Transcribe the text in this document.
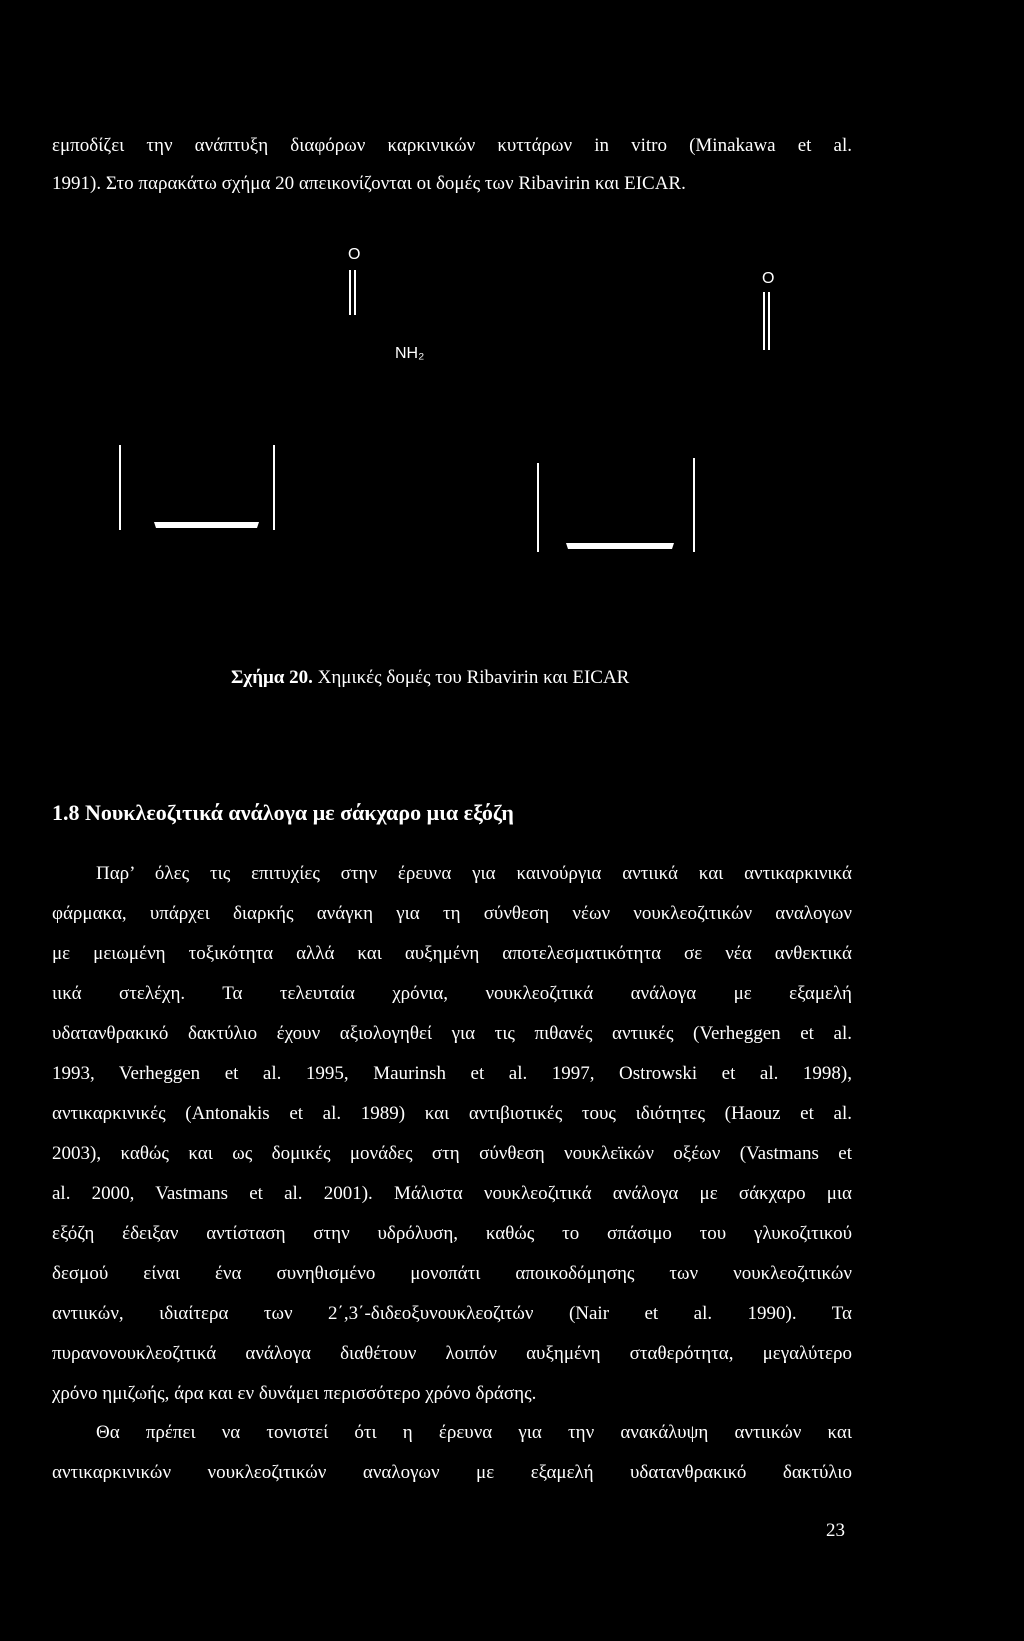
εμποδίζει την ανάπτυξη διαφόρων καρκινικών κυττάρων in vitro (Minakawa et al.
1991). Στο παρακάτω σχήμα 20 απεικονίζονται οι δομές των Ribavirin και EICAR.
O
NH₂
O
Σχήμα 20. Χημικές δομές του Ribavirin και EICAR
1.8 Νουκλεοζιτικά ανάλογα με σάκχαρο μια εξόζη
Παρ’ όλες τις επιτυχίες στην έρευνα για καινούργια αντιικά και αντικαρκινικά
φάρμακα, υπάρχει διαρκής ανάγκη για τη σύνθεση νέων νουκλεοζιτικών αναλογων
με μειωμένη τοξικότητα αλλά και αυξημένη αποτελεσματικότητα σε νέα ανθεκτικά
ιικά στελέχη. Τα τελευταία χρόνια, νουκλεοζιτικά ανάλογα με εξαμελή
υδατανθρακικό δακτύλιο έχουν αξιολογηθεί για τις πιθανές αντιικές (Verheggen et al.
1993, Verheggen et al. 1995, Maurinsh et al. 1997, Ostrowski et al. 1998),
αντικαρκινικές (Antonakis et al. 1989) και αντιβιοτικές τους ιδιότητες (Haouz et al.
2003), καθώς και ως δομικές μονάδες στη σύνθεση νουκλεϊκών οξέων (Vastmans et
al. 2000, Vastmans et al. 2001). Μάλιστα νουκλεοζιτικά ανάλογα με σάκχαρο μια
εξόζη έδειξαν αντίσταση στην υδρόλυση, καθώς το σπάσιμο του γλυκοζιτικού
δεσμού είναι ένα συνηθισμένο μονοπάτι αποικοδόμησης των νουκλεοζιτικών
αντιικών, ιδιαίτερα των 2΄,3΄-διδεοξυνουκλεοζιτών (Nair et al. 1990). Τα
πυρανονουκλεοζιτικά ανάλογα διαθέτουν λοιπόν αυξημένη σταθερότητα, μεγαλύτερο
χρόνο ημιζωής, άρα και εν δυνάμει περισσότερο χρόνο δράσης.
Θα πρέπει να τονιστεί ότι η έρευνα για την ανακάλυψη αντιικών και
αντικαρκινικών νουκλεοζιτικών αναλογων με εξαμελή υδατανθρακικό δακτύλιο
23
